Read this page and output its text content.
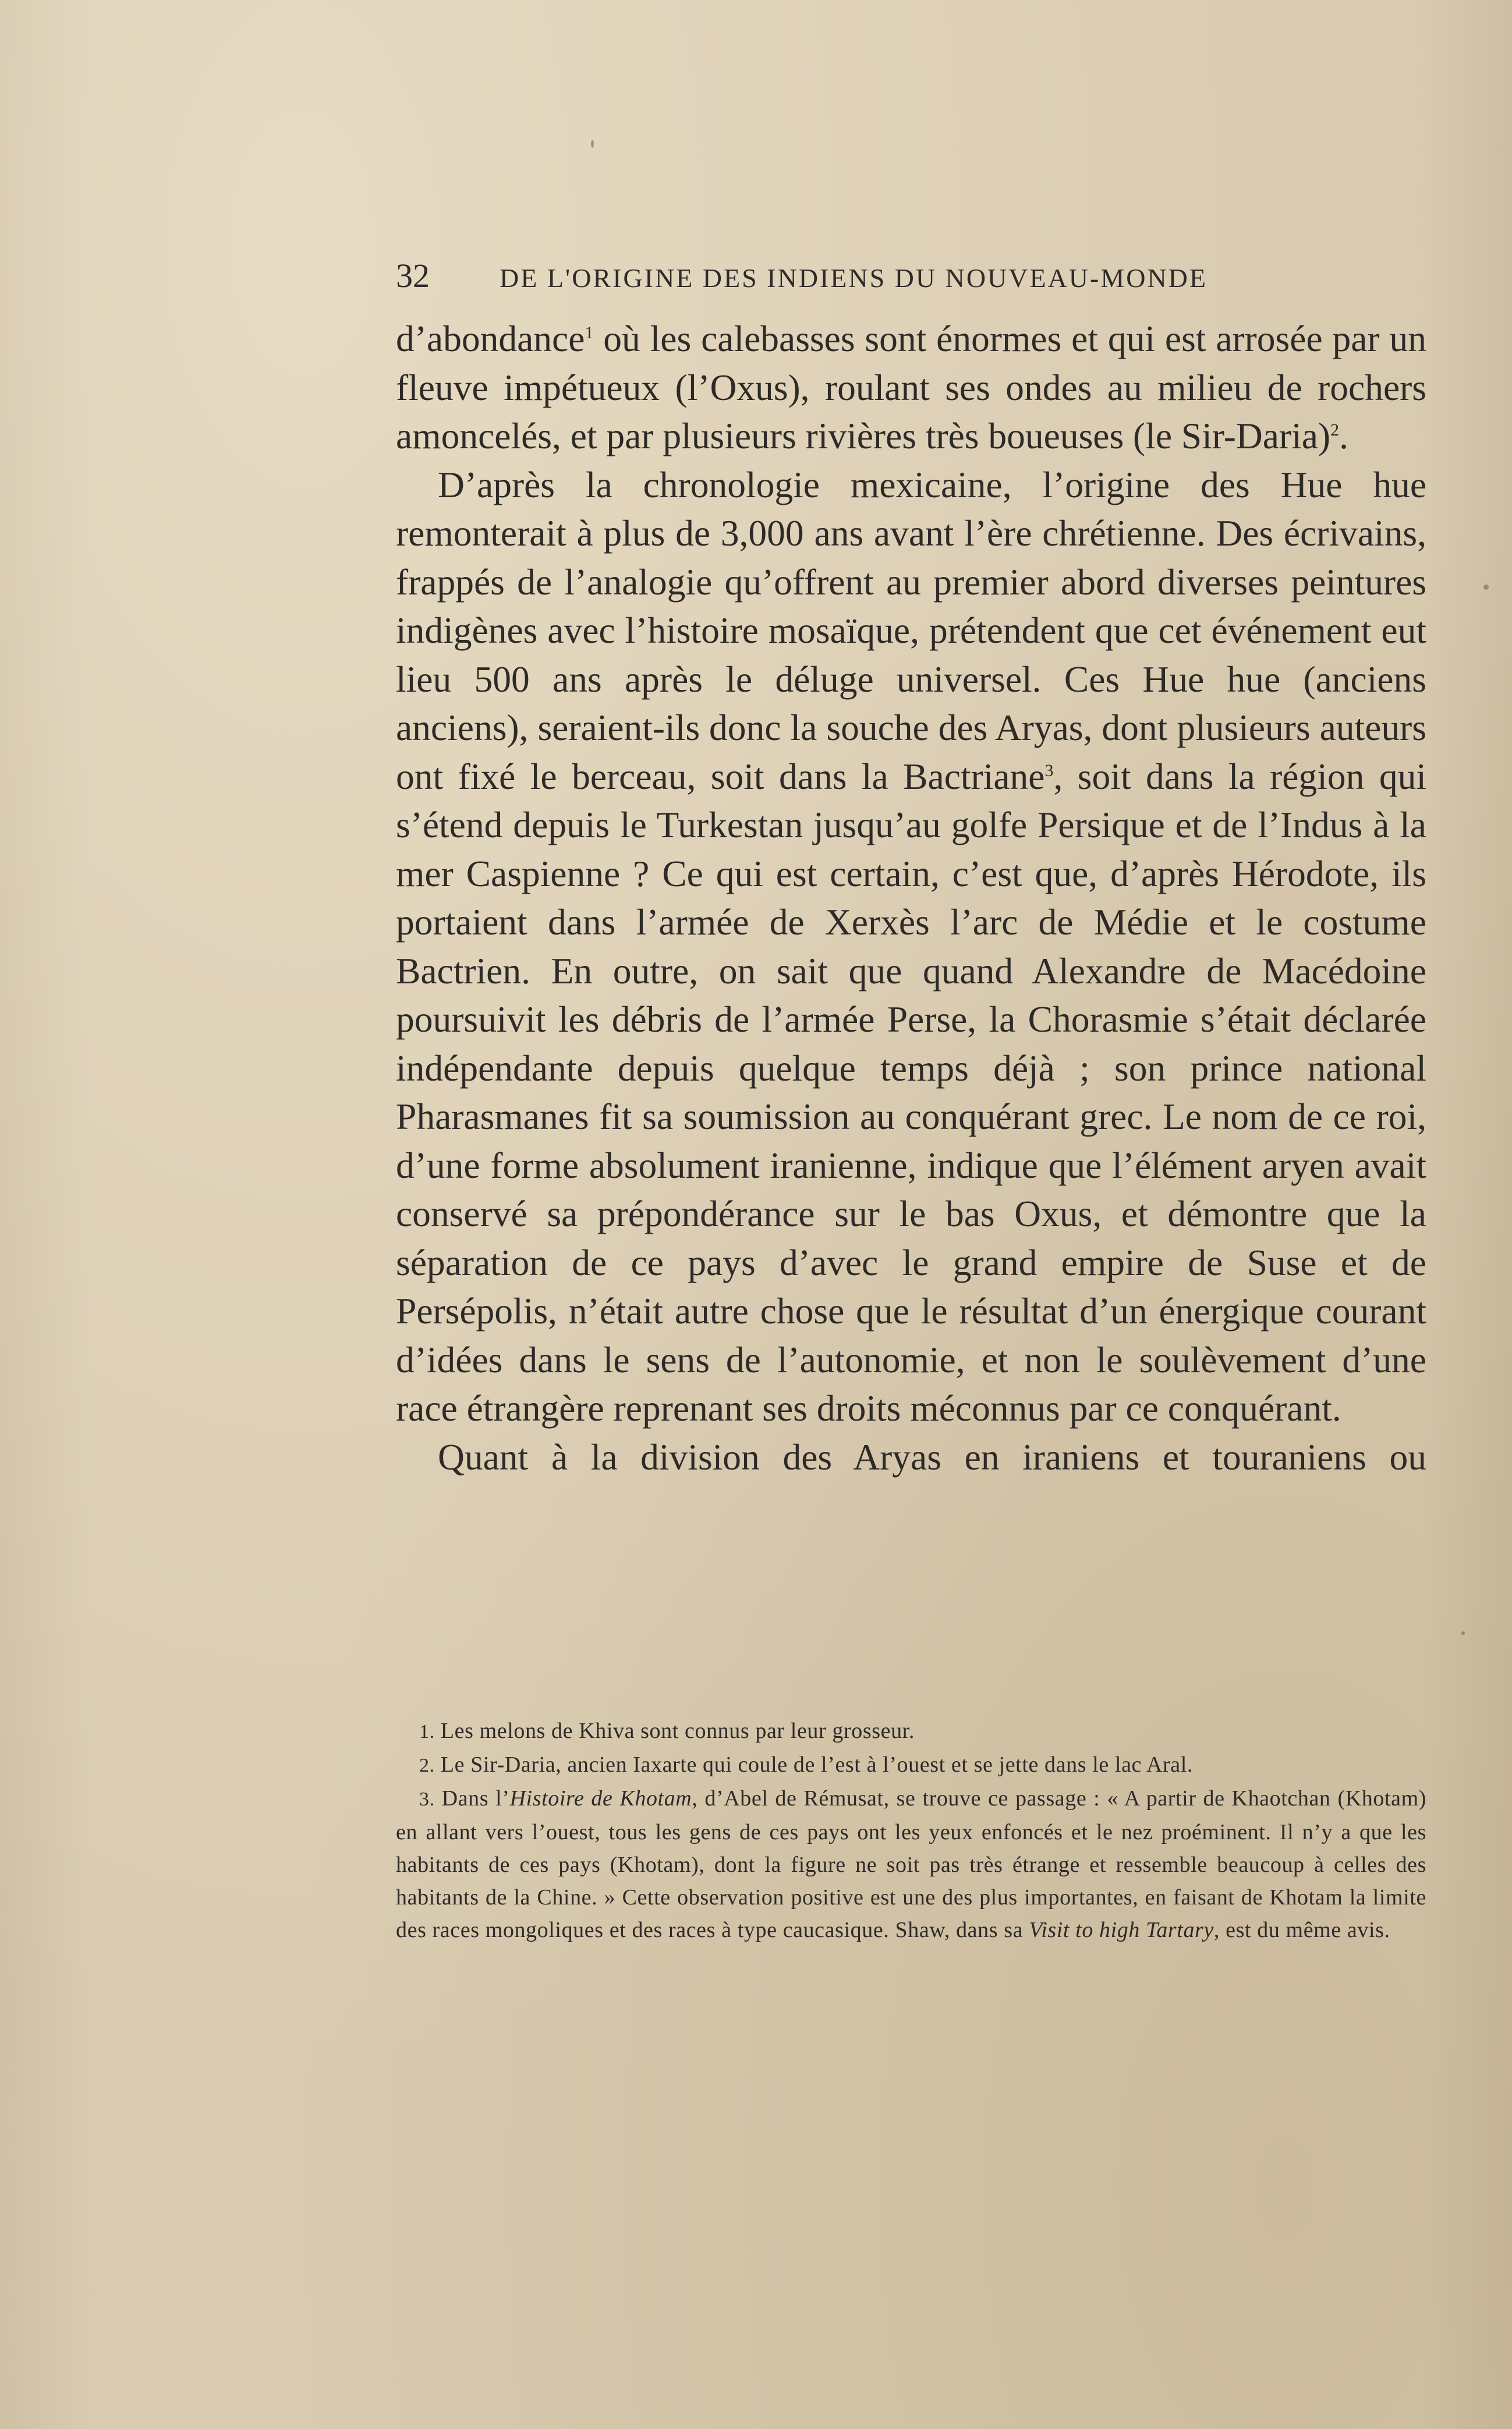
32	DE L'ORIGINE DES INDIENS DU NOUVEAU-MONDE

d’abondance$^1$ où les calebasses sont énormes et qui est arrosée par un fleuve impétueux (l’Oxus), roulant ses ondes au milieu de rochers amoncelés, et par plusieurs rivières très boueuses (le Sir-Daria)$^2$.

D’après la chronologie mexicaine, l’origine des Hue hue remonterait à plus de 3,000 ans avant l’ère chrétienne. Des écrivains, frappés de l’analogie qu’offrent au premier abord diverses peintures indigènes avec l’histoire mosaïque, prétendent que cet événement eut lieu 500 ans après le déluge universel. Ces Hue hue (anciens anciens), seraient-ils donc la souche des Aryas, dont plusieurs auteurs ont fixé le berceau, soit dans la Bactriane$^3$, soit dans la région qui s’étend depuis le Turkestan jusqu’au golfe Persique et de l’Indus à la mer Caspienne ? Ce qui est certain, c’est que, d’après Hérodote, ils portaient dans l’armée de Xerxès l’arc de Médie et le costume Bactrien. En outre, on sait que quand Alexandre de Macédoine poursuivit les débris de l’armée Perse, la Chorasmie s’était déclarée indépendante depuis quelque temps déjà ; son prince national Pharasmanes fit sa soumission au conquérant grec. Le nom de ce roi, d’une forme absolument iranienne, indique que l’élément aryen avait conservé sa prépondérance sur le bas Oxus, et démontre que la séparation de ce pays d’avec le grand empire de Suse et de Persépolis, n’était autre chose que le résultat d’un énergique courant d’idées dans le sens de l’autonomie, et non le soulèvement d’une race étrangère reprenant ses droits méconnus par ce conquérant.

Quant à la division des Aryas en iraniens et touraniens ou

1. Les melons de Khiva sont connus par leur grosseur.

2. Le Sir-Daria, ancien Iaxarte qui coule de l’est à l’ouest et se jette dans le lac Aral.

3. Dans l’Histoire de Khotam, d’Abel de Rémusat, se trouve ce passage : « A partir de Khaotchan (Khotam) en allant vers l’ouest, tous les gens de ces pays ont les yeux enfoncés et le nez proéminent. Il n’y a que les habitants de ces pays (Khotam), dont la figure ne soit pas très étrange et ressemble beaucoup à celles des habitants de la Chine. » Cette observation positive est une des plus importantes, en faisant de Khotam la limite des races mongoliques et des races à type caucasique. Shaw, dans sa Visit to high Tartary, est du même avis.
